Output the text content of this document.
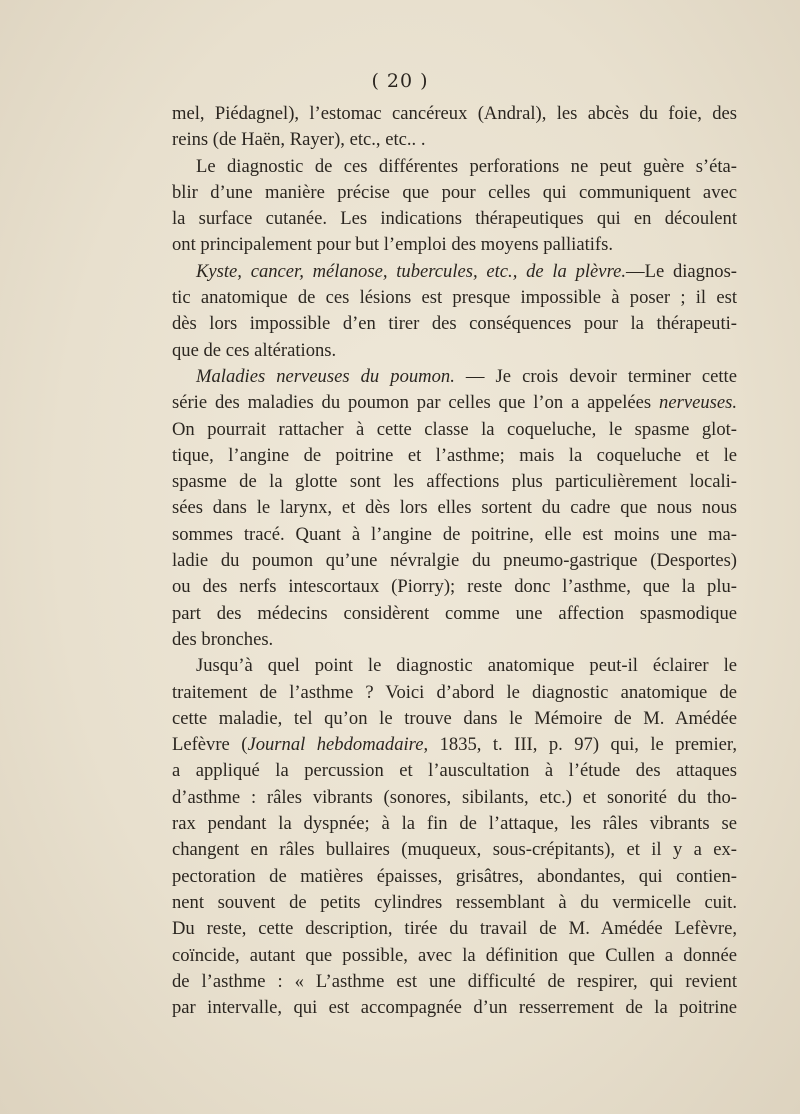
( 20 )
mel, Piédagnel), l’estomac cancéreux (Andral), les abcès du foie, des
reins (de Haën, Rayer), etc., etc.. .
Le diagnostic de ces différentes perforations ne peut guère s’éta-
blir d’une manière précise que pour celles qui communiquent avec
la surface cutanée. Les indications thérapeutiques qui en découlent
ont principalement pour but l’emploi des moyens palliatifs.
Kyste, cancer, mélanose, tubercules, etc., de la plèvre.—Le diagnos-
tic anatomique de ces lésions est presque impossible à poser ; il est
dès lors impossible d’en tirer des conséquences pour la thérapeuti-
que de ces altérations.
Maladies nerveuses du poumon. — Je crois devoir terminer cette
série des maladies du poumon par celles que l’on a appelées nerveuses.
On pourrait rattacher à cette classe la coqueluche, le spasme glot-
tique, l’angine de poitrine et l’asthme; mais la coqueluche et le
spasme de la glotte sont les affections plus particulièrement locali-
sées dans le larynx, et dès lors elles sortent du cadre que nous nous
sommes tracé. Quant à l’angine de poitrine, elle est moins une ma-
ladie du poumon qu’une névralgie du pneumo-gastrique (Desportes)
ou des nerfs intescortaux (Piorry); reste donc l’asthme, que la plu-
part des médecins considèrent comme une affection spasmodique
des bronches.
Jusqu’à quel point le diagnostic anatomique peut-il éclairer le
traitement de l’asthme ? Voici d’abord le diagnostic anatomique de
cette maladie, tel qu’on le trouve dans le Mémoire de M. Amédée
Lefèvre (Journal hebdomadaire, 1835, t. III, p. 97) qui, le premier,
a appliqué la percussion et l’auscultation à l’étude des attaques
d’asthme : râles vibrants (sonores, sibilants, etc.) et sonorité du tho-
rax pendant la dyspnée; à la fin de l’attaque, les râles vibrants se
changent en râles bullaires (muqueux, sous-crépitants), et il y a ex-
pectoration de matières épaisses, grisâtres, abondantes, qui contien-
nent souvent de petits cylindres ressemblant à du vermicelle cuit.
Du reste, cette description, tirée du travail de M. Amédée Lefèvre,
coïncide, autant que possible, avec la définition que Cullen a donnée
de l’asthme : « L’asthme est une difficulté de respirer, qui revient
par intervalle, qui est accompagnée d’un resserrement de la poitrine
